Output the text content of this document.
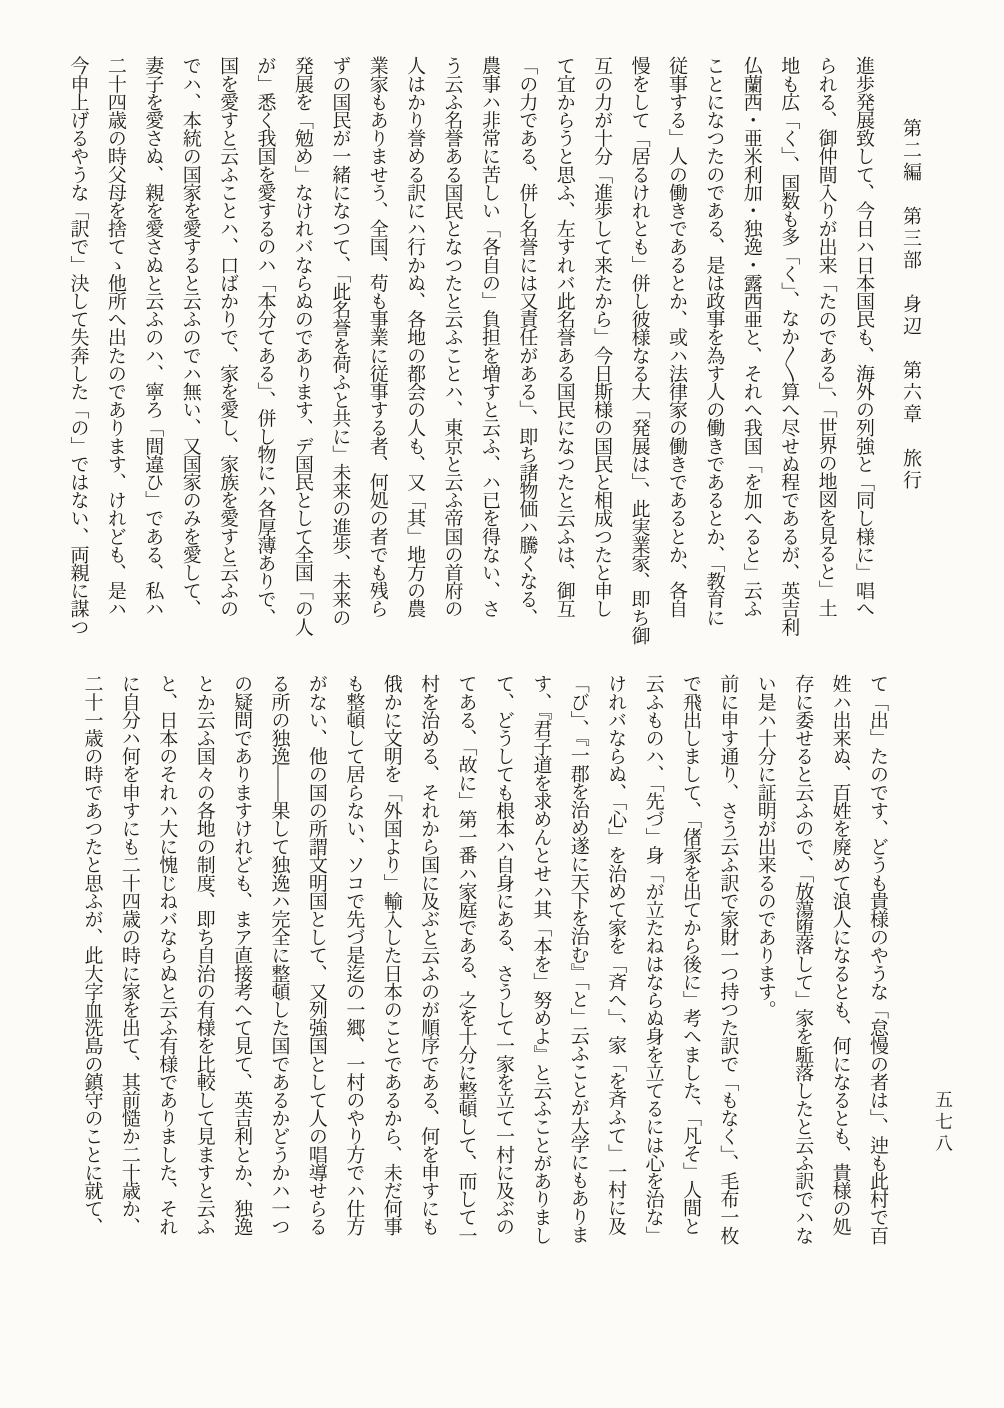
第二編　第三部　身辺　第六章　旅行
進歩発展致して、今日ハ日本国民も、海外の列強と「同し様に」唱へ
られる、御仲間入りが出来「たのである」、「世界の地図を見ると」土
地も広「く」、国数も多「く」、なか〱算へ尽せぬ程であるが、英吉利
仏蘭西・亜米利加・独逸・露西亜と、それへ我国「を加へると」云ふ
ことになつたのである、是は政事を為す人の働きであるとか、「教育に
従事する」人の働きであるとか、或ハ法律家の働きであるとか、各自
慢をして「居るけれとも」併し彼様なる大「発展は」、此実業家、即ち御
互の力が十分「進歩して来たから」今日斯様の国民と相成つたと申し
て宜からうと思ふ、左すれバ此名誉ある国民になつたと云ふは、御互
「の力である、併し名誉には又責任がある」、即ち諸物価ハ騰くなる、
農事ハ非常に苦しい「各自の」負担を増すと云ふ、ハ已を得ない、さ
う云ふ名誉ある国民となつたと云ふことハ、東京と云ふ帝国の首府の
人はかり誉める訳にハ行かぬ、各地の都会の人も、又「其」地方の農
業家もありませう、全国、苟も事業に従事する者、何処の者でも残ら
ずの国民が一緒になつて、「此名誉を荷ふと共に」未来の進歩、未来の
発展を「勉め」なけれバならぬのであります、デ国民として全国「の人
が」悉く我国を愛するのハ「本分てある」、併し物にハ各厚薄ありで、
国を愛すと云ふことハ、口ばかりで、家を愛し、家族を愛すと云ふの
でハ、本統の国家を愛すると云ふのでハ無い、又国家のみを愛して、
妻子を愛さぬ、親を愛さぬと云ふのハ、寧ろ「間違ひ」である、私ハ
二十四歳の時父母を捨てゝ他所へ出たのであります、けれども、是ハ
今申上げるやうな「訳で」決して失奔した「の」ではない、両親に謀つ
て「出」たのです、どうも貴様のやうな「怠慢の者は」、迚も此村で百
姓ハ出来ぬ、百姓を廃めて浪人になるとも、何になるとも、貴様の処
存に委せると云ふので、「放蕩堕落して」家を駈落したと云ふ訳でハな
い是ハ十分に証明が出来るのであります。
前に申す通り、さう云ふ訳で家財一つ持つた訳で「もなく」、毛布一枚
で飛出しまして、「偖家を出てから後に」考へました、「凡そ」人間と
云ふものハ、「先づ」身「が立たねはならぬ身を立てるには心を治な」
けれバならぬ、「心」を治めて家を「斉へ」、家「を斉ふて」一村に及
「び」、『一郡を治め遂に天下を治む』「と」云ふことが大学にもありま
す、『君子道を求めんとせハ其「本を」努めよ』と云ふことがありまし
て、どうしても根本ハ自身にある、さうして一家を立て一村に及ぶの
てある、「故に」第一番ハ家庭である、之を十分に整頓して、而して一
村を治める、それから国に及ぶと云ふのが順序である、何を申すにも
俄かに文明を「外国より」輸入した日本のことであるから、未だ何事
も整頓して居らない、ソコで先づ是迄の一郷、一村のやり方でハ仕方
がない、他の国の所謂文明国として、又列強国として人の唱導せらる
る所の独逸——果して独逸ハ完全に整頓した国であるかどうかハ一つ
の疑問でありますけれども、まア直接考へて見て、英吉利とか、独逸
とか云ふ国々の各地の制度、即ち自治の有様を比較して見ますと云ふ
と、日本のそれハ大に愧じねバならぬと云ふ有様でありました、それ
に自分ハ何を申すにも二十四歳の時に家を出て、其前慥か二十歳か、
二十一歳の時であつたと思ふが、此大字血洗島の鎮守のことに就て、	五七八
